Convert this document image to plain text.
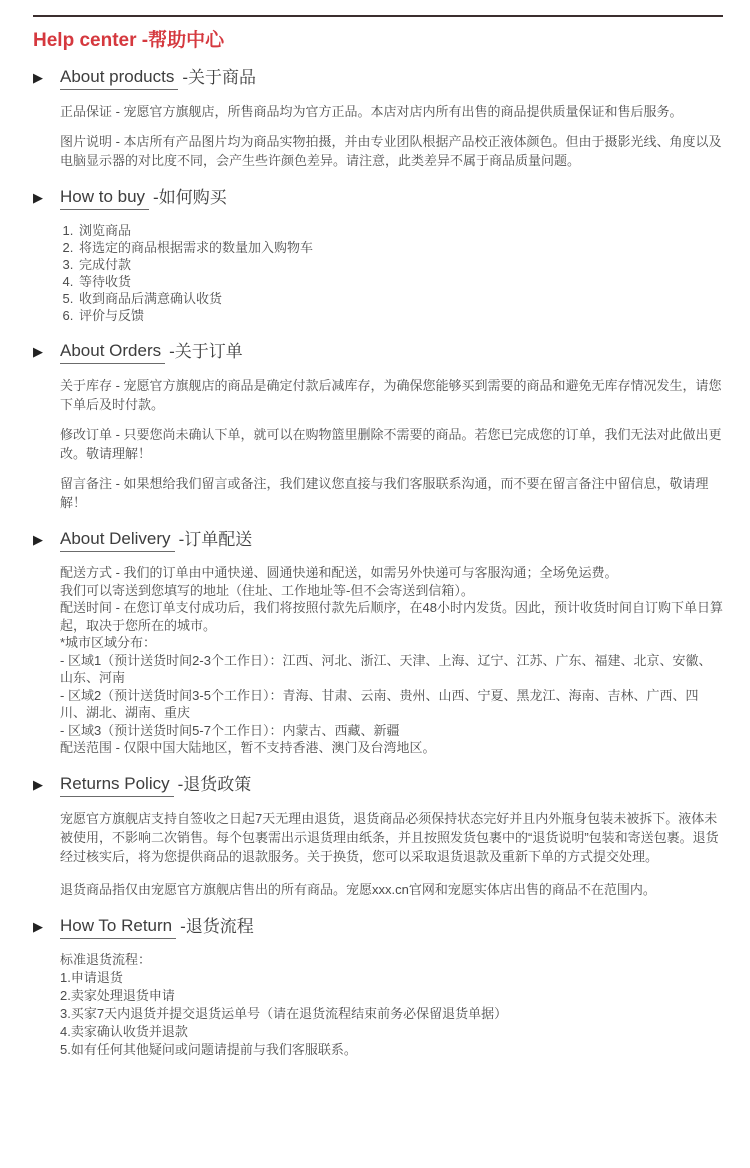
Help center -帮助中心
▶	About products -关于商品

正品保证 - 宠愿官方旗舰店，所售商品均为官方正品。本店对店内所有出售的商品提供质量保证和售后服务。

图片说明 - 本店所有产品图片均为商品实物拍摄，并由专业团队根据产品校正液体颜色。但由于摄影光线、角度以及电脑显示器的对比度不同，会产生些许颜色差异。请注意，此类差异不属于商品质量问题。

▶	How to buy -如何购买
1. 浏览商品
2. 将选定的商品根据需求的数量加入购物车
3. 完成付款
4. 等待收货
5. 收到商品后满意确认收货
6. 评价与反馈
▶	About Orders -关于订单

关于库存 - 宠愿官方旗舰店的商品是确定付款后减库存，为确保您能够买到需要的商品和避免无库存情况发生，请您下单后及时付款。

修改订单 - 只要您尚未确认下单，就可以在购物篮里删除不需要的商品。若您已完成您的订单，我们无法对此做出更改。敬请理解！

留言备注 - 如果想给我们留言或备注，我们建议您直接与我们客服联系沟通，而不要在留言备注中留信息，敬请理解！

▶	About Delivery -订单配送
配送方式 - 我们的订单由中通快递、圆通快递和配送，如需另外快递可与客服沟通；全场免运费。
我们可以寄送到您填写的地址（住址、工作地址等-但不会寄送到信箱）。
配送时间 - 在您订单支付成功后，我们将按照付款先后顺序，在48小时内发货。因此，预计收货时间自订购下单日算起，取决于您所在的城市。
*城市区域分布：
- 区域1（预计送货时间2-3个工作日）：江西、河北、浙江、天津、上海、辽宁、江苏、广东、福建、北京、安徽、山东、河南
- 区域2（预计送货时间3-5个工作日）：青海、甘肃、云南、贵州、山西、宁夏、黑龙江、海南、吉林、广西、四川、湖北、湖南、重庆
- 区域3（预计送货时间5-7个工作日）：内蒙古、西藏、新疆
配送范围 - 仅限中国大陆地区，暂不支持香港、澳门及台湾地区。
▶	Returns Policy -退货政策

宠愿官方旗舰店支持自签收之日起7天无理由退货，退货商品必须保持状态完好并且内外瓶身包装未被拆下。液体未被使用，不影响二次销售。每个包裹需出示退货理由纸条，并且按照发货包裹中的“退货说明”包装和寄送包裹。退货经过核实后，将为您提供商品的退款服务。关于换货，您可以采取退货退款及重新下单的方式提交处理。

退货商品指仅由宠愿官方旗舰店售出的所有商品。宠愿xxx.cn官网和宠愿实体店出售的商品不在范围内。

▶	How To Return -退货流程
标准退货流程：
1.申请退货
2.卖家处理退货申请
3.买家7天内退货并提交退货运单号（请在退货流程结束前务必保留退货单据）
4.卖家确认收货并退款
5.如有任何其他疑问或问题请提前与我们客服联系。
